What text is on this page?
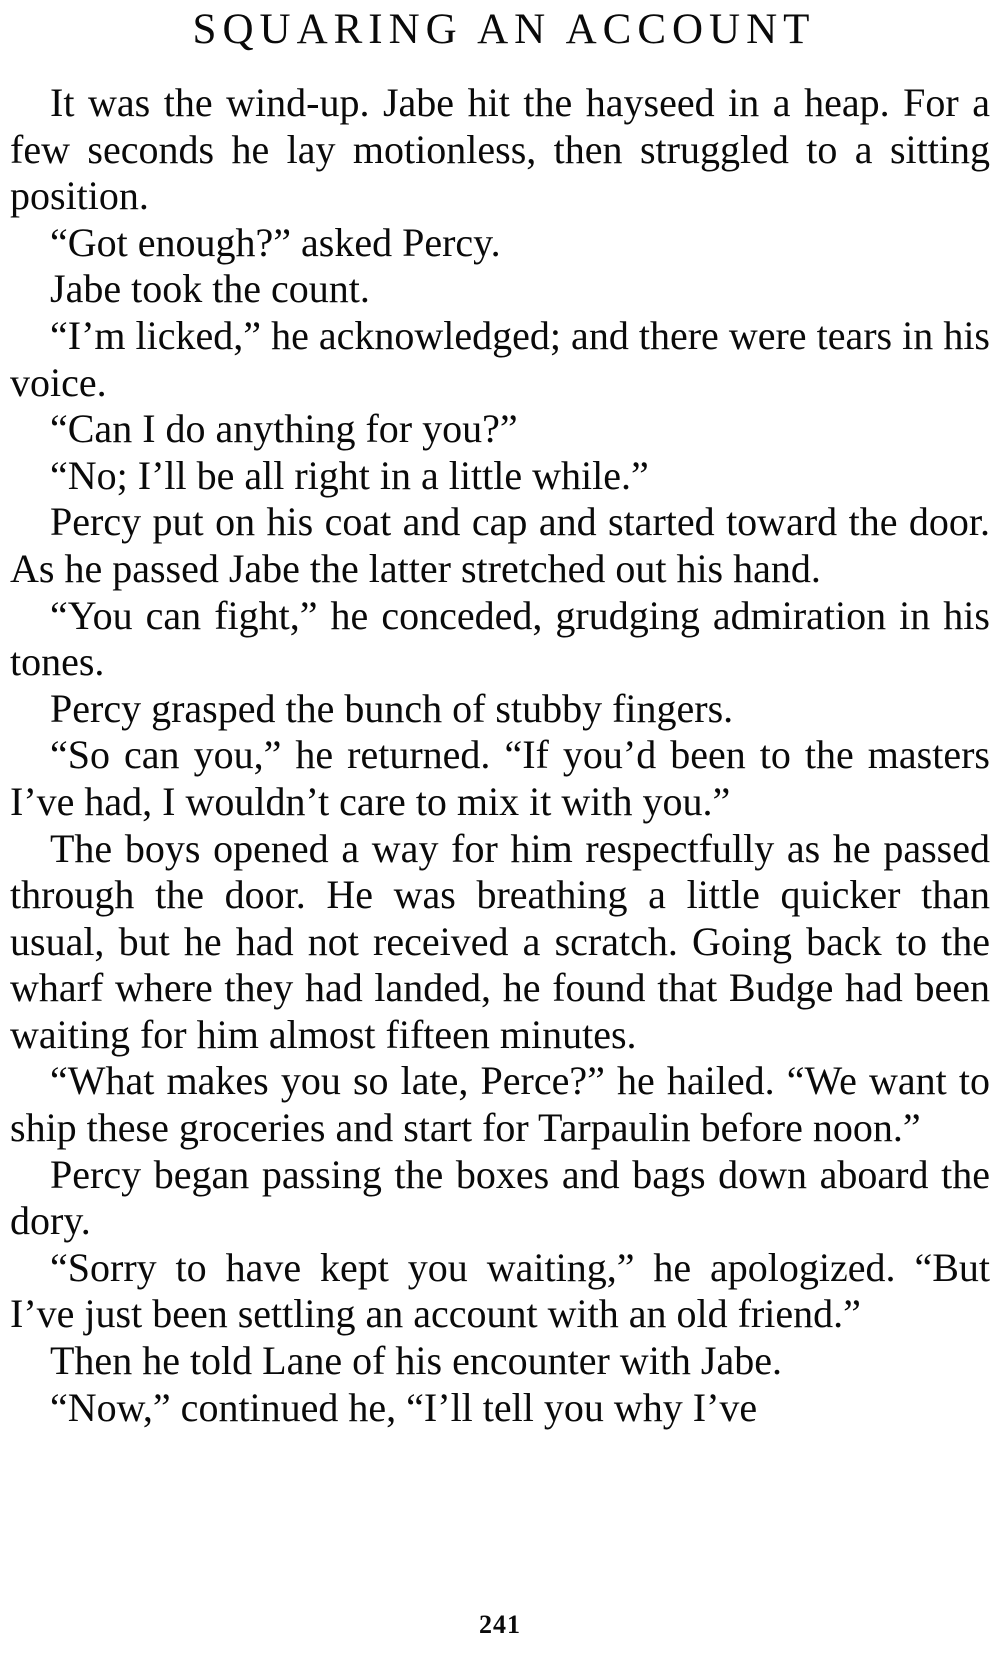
SQUARING AN ACCOUNT

It was the wind-up. Jabe hit the hayseed in a heap. For a few seconds he lay motionless, then struggled to a sitting position.

“Got enough?” asked Percy.

Jabe took the count.

“I’m licked,” he acknowledged; and there were tears in his voice.

“Can I do anything for you?”

“No; I’ll be all right in a little while.”

Percy put on his coat and cap and started toward the door. As he passed Jabe the latter stretched out his hand.

“You can fight,” he conceded, grudging admiration in his tones.

Percy grasped the bunch of stubby fingers.

“So can you,” he returned. “If you’d been to the masters I’ve had, I wouldn’t care to mix it with you.”

The boys opened a way for him respectfully as he passed through the door. He was breathing a little quicker than usual, but he had not received a scratch. Going back to the wharf where they had landed, he found that Budge had been waiting for him almost fifteen minutes.

“What makes you so late, Perce?” he hailed. “We want to ship these groceries and start for Tarpaulin before noon.”

Percy began passing the boxes and bags down aboard the dory.

“Sorry to have kept you waiting,” he apologized. “But I’ve just been settling an account with an old friend.”

Then he told Lane of his encounter with Jabe.

“Now,” continued he, “I’ll tell you why I’ve

241
